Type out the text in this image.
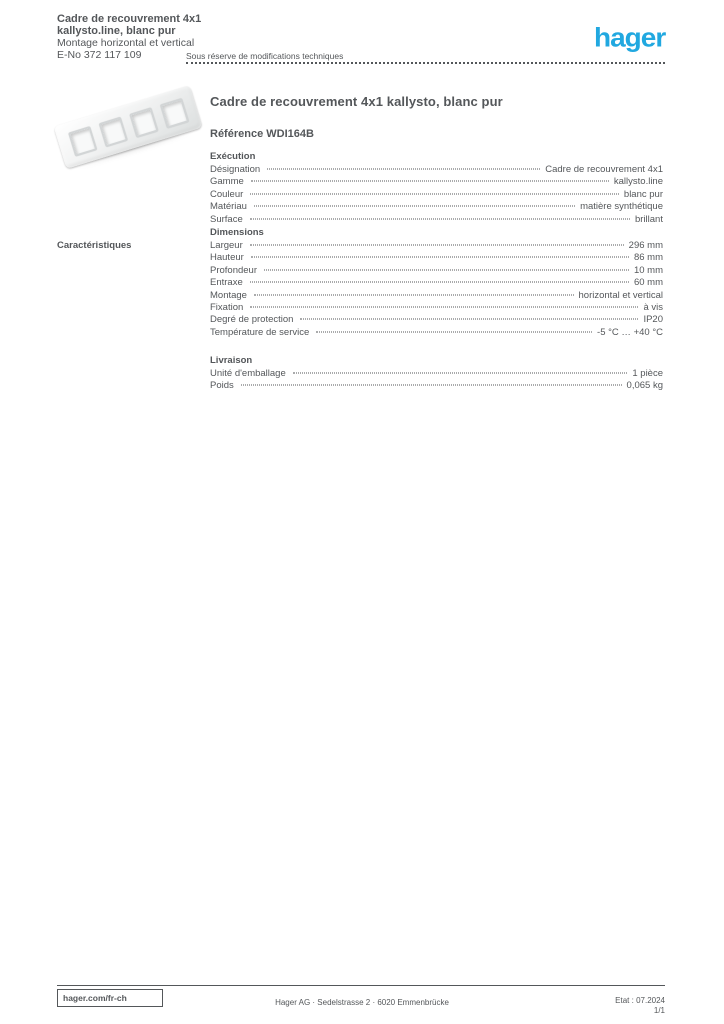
Cadre de recouvrement 4x1
kallysto.line, blanc pur
Montage horizontal et vertical
E-No 372 117 109	Sous réserve de modifications techniques
hager
Caractéristiques
Cadre de recouvrement 4x1 kallysto, blanc pur
Référence WDI164B
Exécution
Désignation	Cadre de recouvrement 4x1
Gamme	kallysto.line
Couleur	blanc pur
Matériau	matière synthétique
Surface	brillant
Dimensions
Largeur	296 mm
Hauteur	86 mm
Profondeur	10 mm
Entraxe	60 mm
Montage	horizontal et vertical
Fixation	à vis
Degré de protection	IP20
Température de service	-5 °C … +40 °C
Livraison
Unité d'emballage	1 pièce
Poids	0,065 kg
hager.com/fr-ch	Hager AG · Sedelstrasse 2 · 6020 Emmenbrücke	Etat : 07.2024
1/1
